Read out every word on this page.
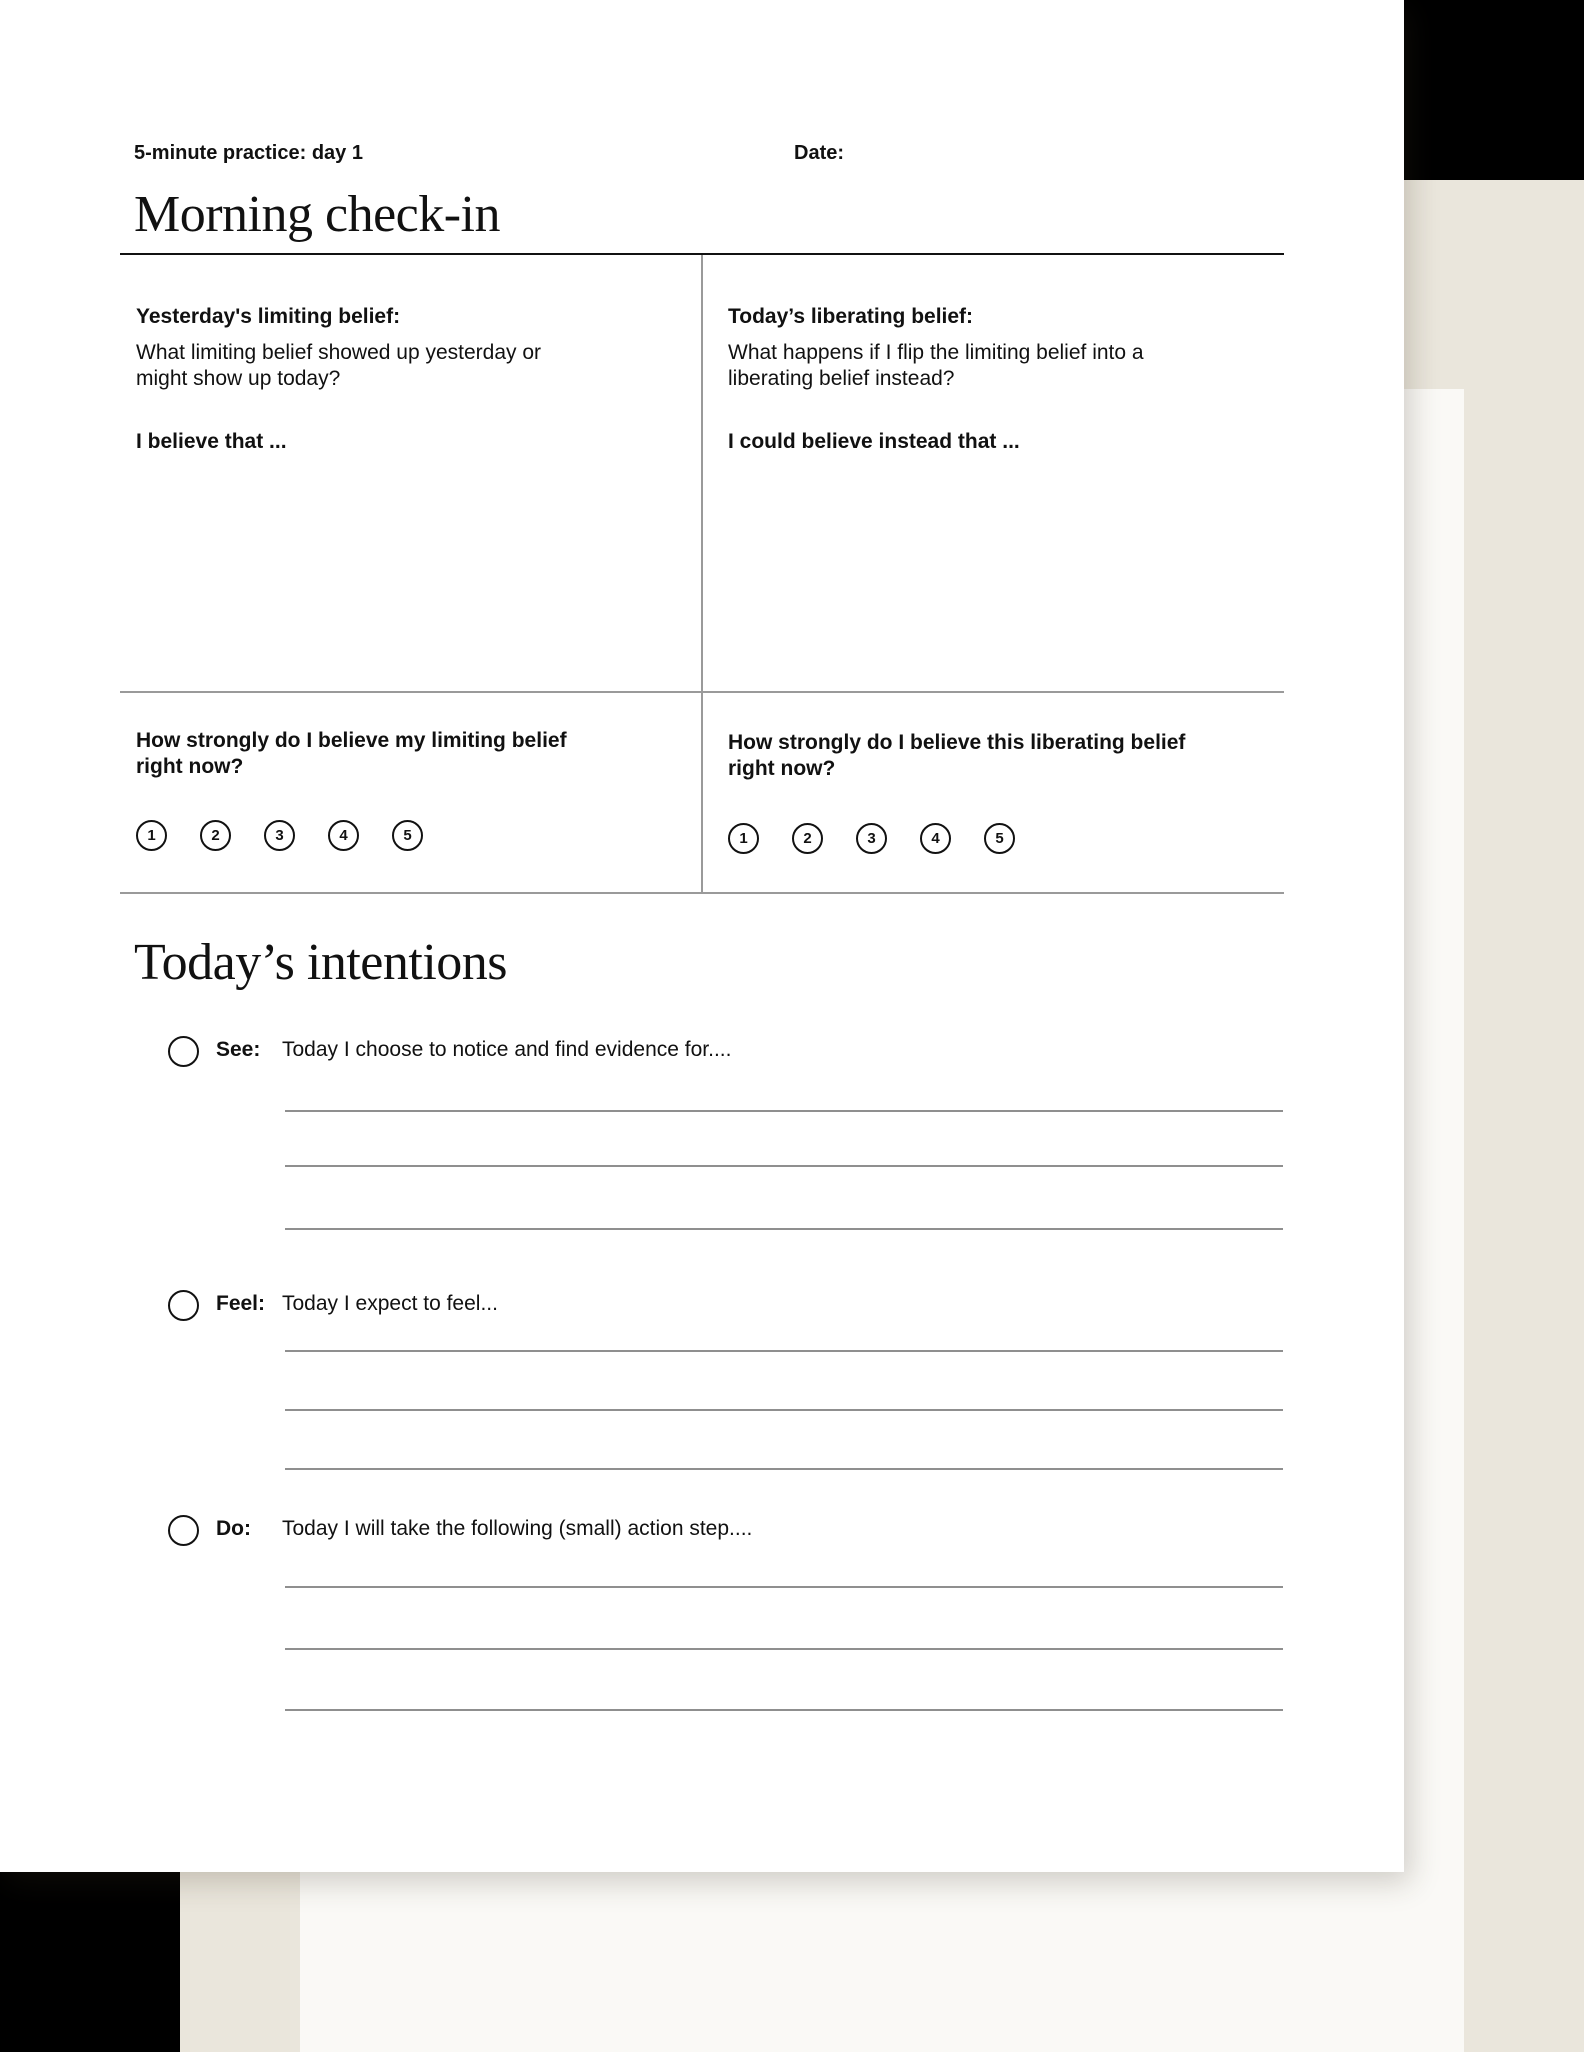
5-minute practice: day 1	Date:
Morning check-in
Yesterday's limiting belief:
What limiting belief showed up yesterday or
might show up today?
I believe that ...
Today’s liberating belief:
What happens if I flip the limiting belief into a
liberating belief instead?
I could believe instead that ...
How strongly do I believe my limiting belief
right now?
1	2	3	4	5
How strongly do I believe this liberating belief
right now?
1	2	3	4	5
Today’s intentions
See: Today I choose to notice and find evidence for....
Feel: Today I expect to feel...
Do: Today I will take the following (small) action step....
